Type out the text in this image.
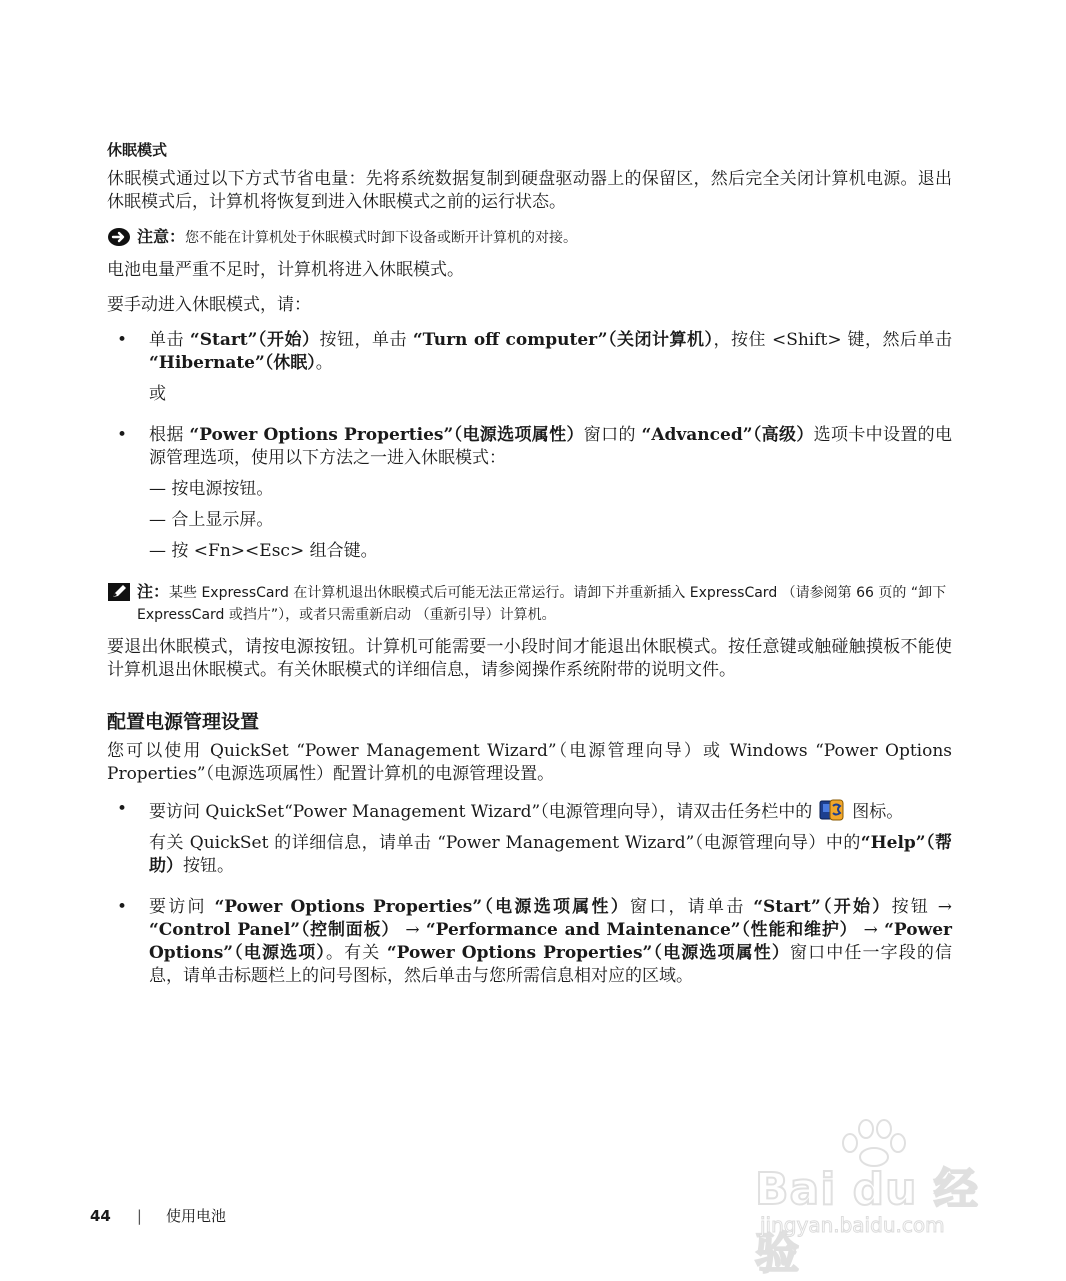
休眠模式

休眠模式通过以下方式节省电量：先将系统数据复制到硬盘驱动器上的保留区，然后完全关闭计算机电源。退出休眠模式后，计算机将恢复到进入休眠模式之前的运行状态。

注意：您不能在计算机处于休眠模式时卸下设备或断开计算机的对接。

电池电量严重不足时，计算机将进入休眠模式。

要手动进入休眠模式，请：

•	单击 “Start”（开始）按钮，单击 “Turn off computer”（关闭计算机），按住 <Shift> 键，然后单击 “Hibernate”（休眠）。

或

•	根据 “Power Options Properties”（电源选项属性）窗口的 “Advanced”（高级）选项卡中设置的电源管理选项，使用以下方法之一进入休眠模式：

— 按电源按钮。
— 合上显示屏。
— 按 <Fn><Esc> 组合键。
注：某些 ExpressCard 在计算机退出休眠模式后可能无法正常运行。请卸下并重新插入 ExpressCard （请参阅第 66 页的 “卸下 ExpressCard 或挡片”），或者只需重新启动 （重新引导）计算机。

要退出休眠模式，请按电源按钮。计算机可能需要一小段时间才能退出休眠模式。按任意键或触碰触摸板不能使计算机退出休眠模式。有关休眠模式的详细信息，请参阅操作系统附带的说明文件。

配置电源管理设置

您可以使用 QuickSet “Power Management Wizard”（电源管理向导）或 Windows “Power Options Properties”（电源选项属性）配置计算机的电源管理设置。

•	要访问 QuickSet“Power Management Wizard”（电源管理向导），请双击任务栏中的 图标。

有关 QuickSet 的详细信息，请单击 “Power Management Wizard”（电源管理向导）中的“Help”（帮助）按钮。

•	要访问 “Power Options Properties”（电源选项属性）窗口，请单击 “Start”（开始）按钮 → “Control Panel”（控制面板） → “Performance and Maintenance”（性能和维护） → “Power Options”（电源选项）。有关 “Power Options Properties”（电源选项属性）窗口中任一字段的信息，请单击标题栏上的问号图标，然后单击与您所需信息相对应的区域。

44 | 使用电池
Bai du 经验
jingyan.baidu.com
